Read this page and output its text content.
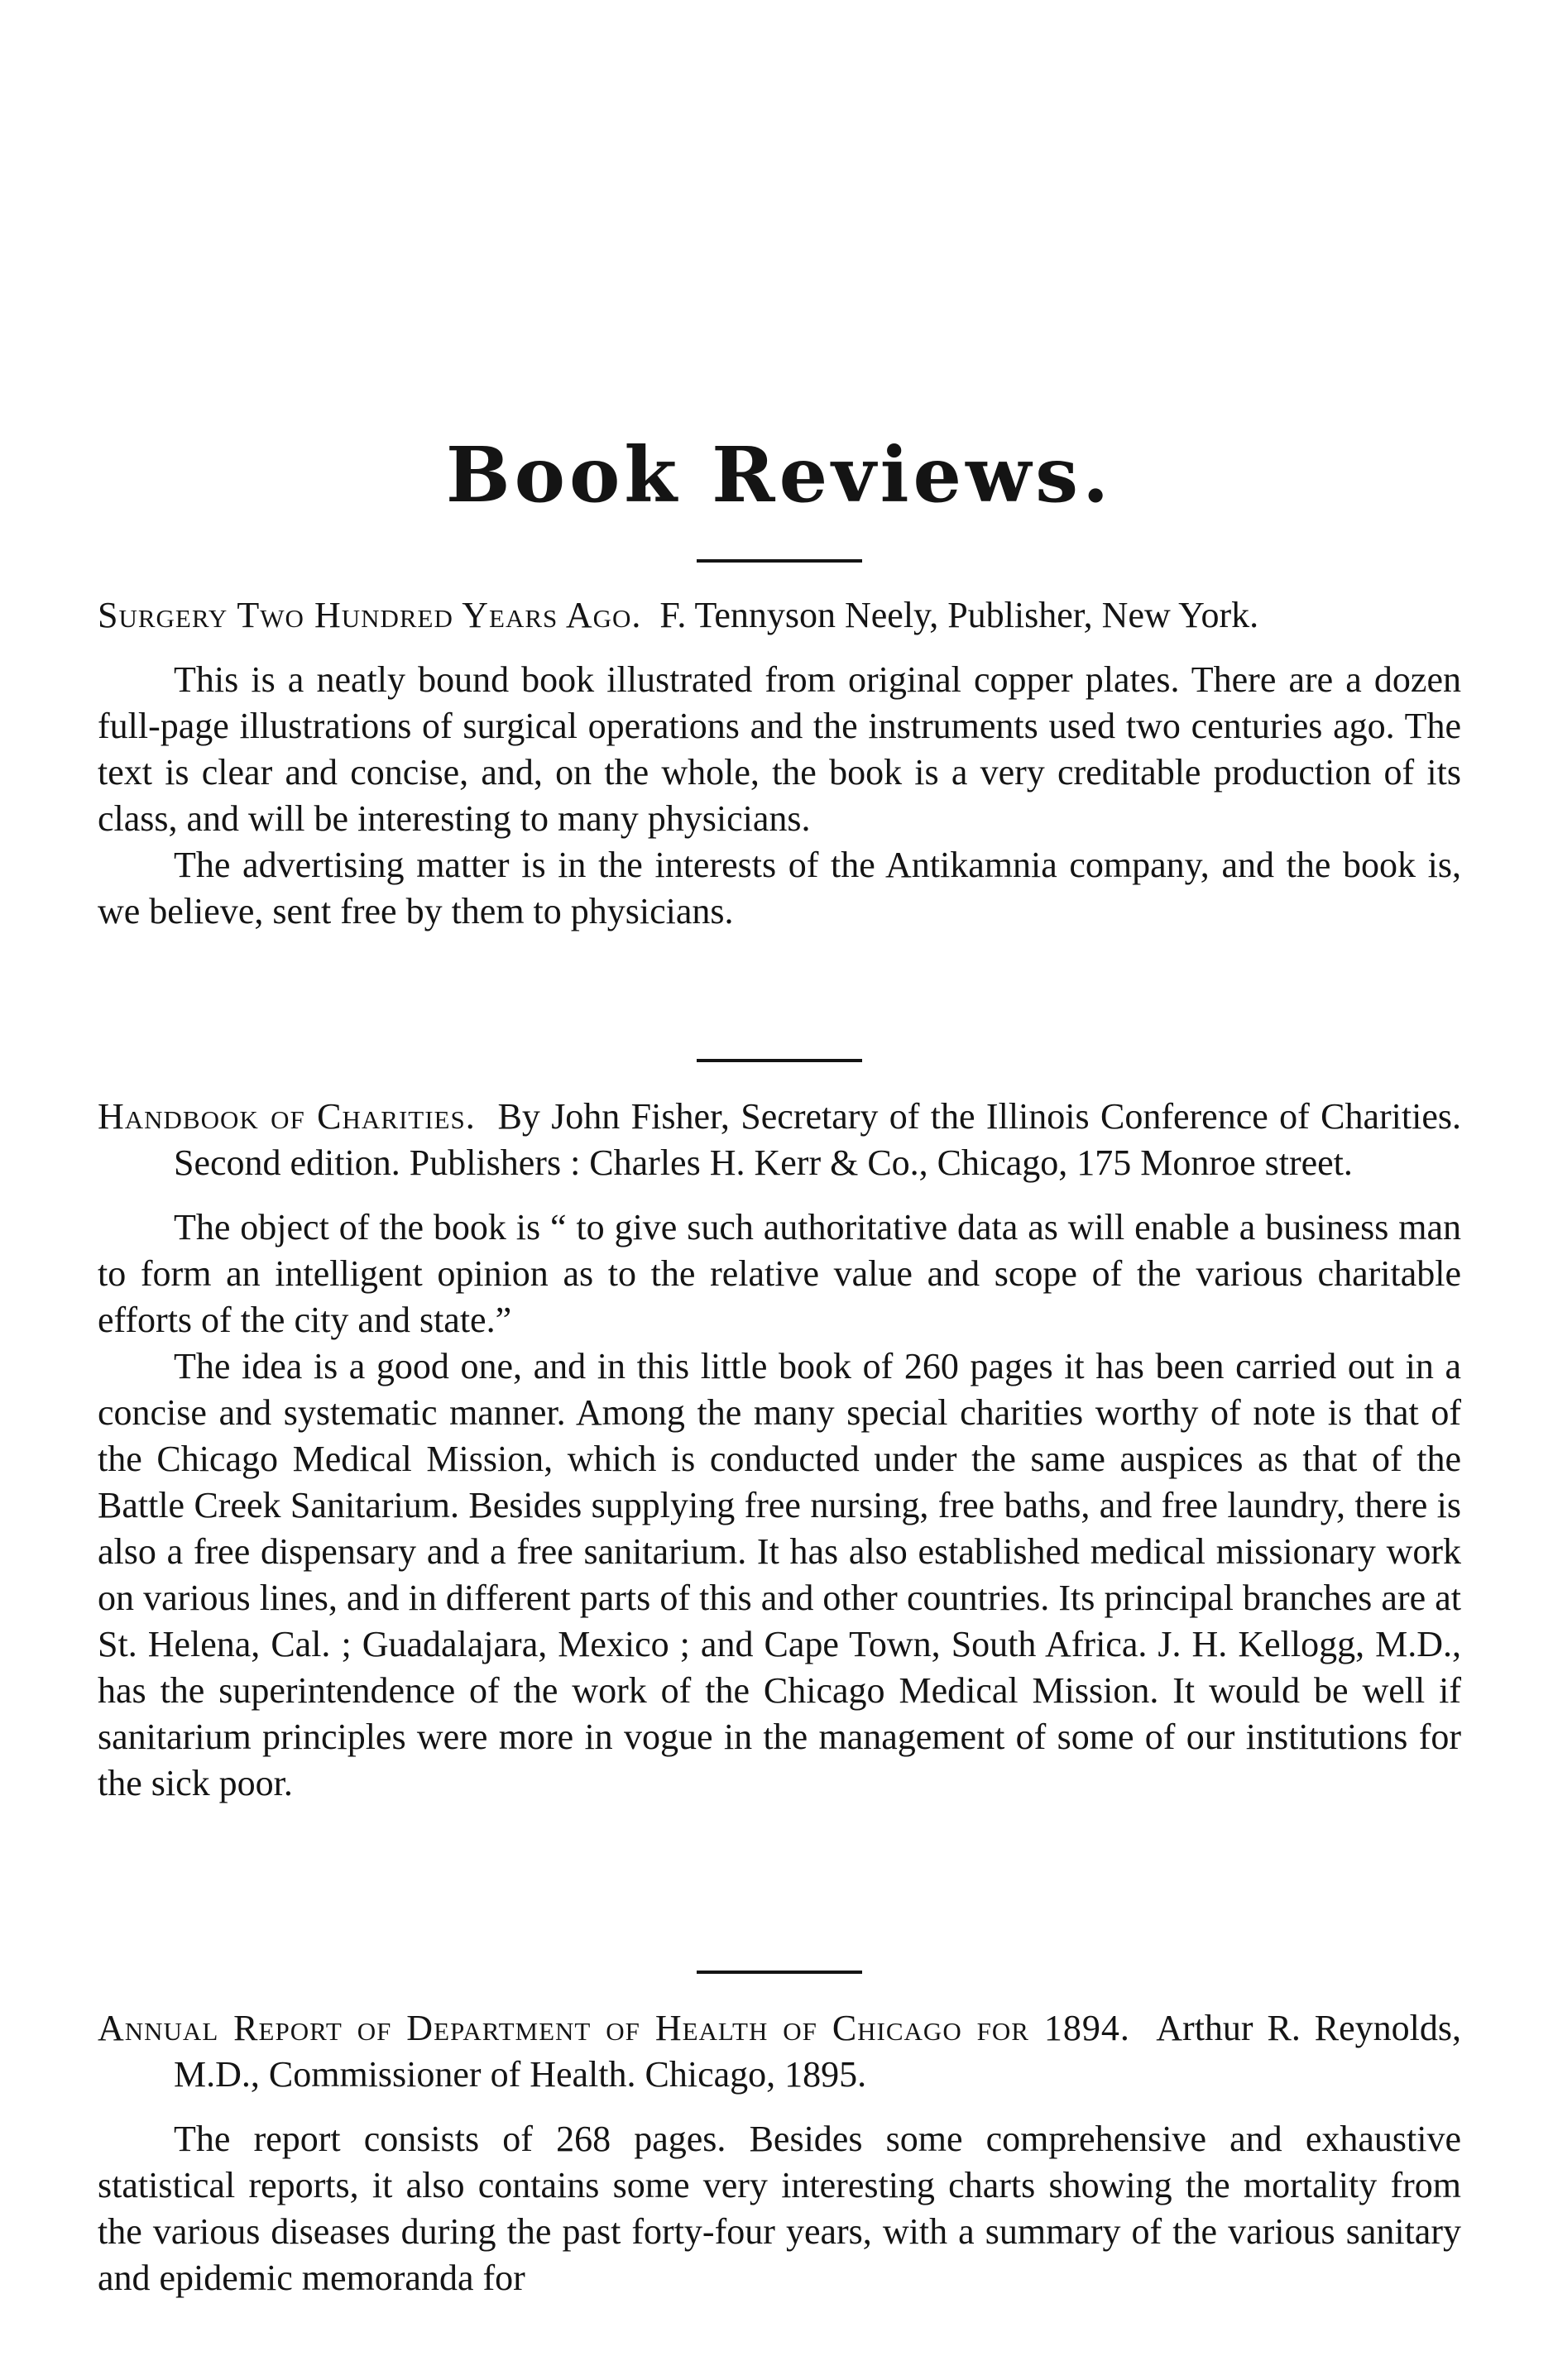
Book Reviews.

Surgery Two Hundred Years Ago. F. Tennyson Neely, Publisher, New York.

This is a neatly bound book illustrated from original copper plates. There are a dozen full-page illustrations of surgical operations and the instruments used two centuries ago. The text is clear and concise, and, on the whole, the book is a very creditable production of its class, and will be interesting to many physicians.

The advertising matter is in the interests of the Antikamnia company, and the book is, we believe, sent free by them to physicians.

Handbook of Charities. By John Fisher, Secretary of the Illinois Conference of Charities. Second edition. Publishers : Charles H. Kerr & Co., Chicago, 175 Monroe street.

The object of the book is “ to give such authoritative data as will enable a business man to form an intelligent opinion as to the relative value and scope of the various charitable efforts of the city and state.”

The idea is a good one, and in this little book of 260 pages it has been carried out in a concise and systematic manner. Among the many special charities worthy of note is that of the Chicago Medical Mission, which is conducted under the same auspices as that of the Battle Creek Sanitarium. Besides supplying free nursing, free baths, and free laundry, there is also a free dispensary and a free sanitarium. It has also established medical missionary work on various lines, and in different parts of this and other countries. Its principal branches are at St. Helena, Cal. ; Guadalajara, Mexico ; and Cape Town, South Africa. J. H. Kellogg, M.D., has the superintendence of the work of the Chicago Medical Mission. It would be well if sanitarium principles were more in vogue in the management of some of our institutions for the sick poor.

Annual Report of Department of Health of Chicago for 1894. Arthur R. Reynolds, M.D., Commissioner of Health. Chicago, 1895.

The report consists of 268 pages. Besides some comprehensive and exhaustive statistical reports, it also contains some very interesting charts showing the mortality from the various diseases during the past forty-four years, with a summary of the various sanitary and epidemic memoranda for
